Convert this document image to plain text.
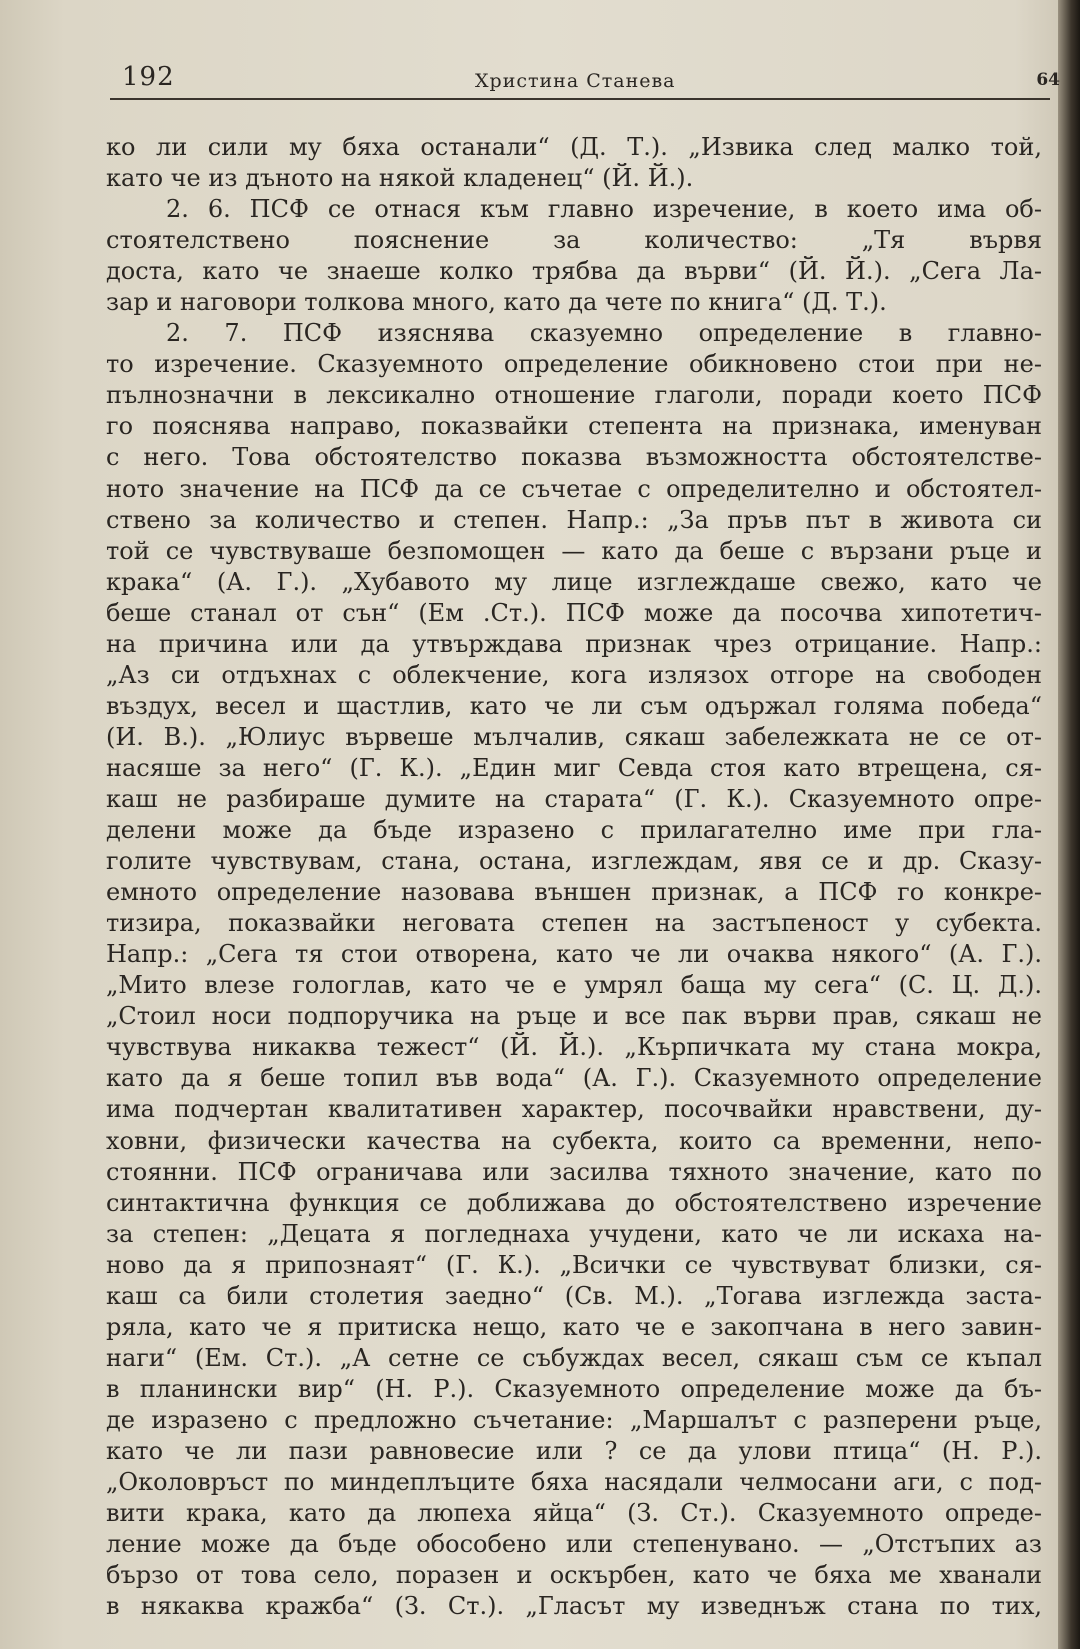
192	Христина Станева	64
ко ли сили му бяха останали“ (Д. Т.). „Извика след малко той,
като че из дъното на някой кладенец“ (Й. Й.).
2. 6. ПСФ се отнася към главно изречение, в което има об-
стоятелствено пояснение за количество: „Тя вървя
доста, като че знаеше колко трябва да върви“ (Й. Й.). „Сега Ла-
зар и наговори толкова много, като да чете по книга“ (Д. Т.).
2. 7. ПСФ изяснява сказуемно определение в главно-
то изречение. Сказуемното определение обикновено стои при не-
пълнозначни в лексикално отношение глаголи, поради което ПСФ
го пояснява направо, показвайки степента на признака, именуван
с него. Това обстоятелство показва възможността обстоятелстве-
ното значение на ПСФ да се съчетае с определително и обстоятел-
ствено за количество и степен. Напр.: „За пръв път в живота си
той се чувствуваше безпомощен — като да беше с вързани ръце и
крака“ (А. Г.). „Хубавото му лице изглеждаше свежо, като че
беше станал от сън“ (Ем .Ст.). ПСФ може да посочва хипотетич-
на причина или да утвърждава признак чрез отрицание. Напр.:
„Аз си отдъхнах с облекчение, кога излязох отгоре на свободен
въздух, весел и щастлив, като че ли съм одържал голяма победа“
(И. В.). „Юлиус вървеше мълчалив, сякаш забележката не се от-
насяше за него“ (Г. К.). „Един миг Севда стоя като втрещена, ся-
каш не разбираше думите на старата“ (Г. К.). Сказуемното опре-
делени може да бъде изразено с прилагателно име при гла-
голите чувствувам, стана, остана, изглеждам, явя се и др. Сказу-
емното определение назовава външен признак, а ПСФ го конкре-
тизира, показвайки неговата степен на застъпеност у субекта.
Напр.: „Сега тя стои отворена, като че ли очаква някого“ (А. Г.).
„Мито влезе гологлав, като че е умрял баща му сега“ (С. Ц. Д.).
„Стоил носи подпоручика на ръце и все пак върви прав, сякаш не
чувствува никаква тежест“ (Й. Й.). „Кърпичката му стана мокра,
като да я беше топил във вода“ (А. Г.). Сказуемното определение
има подчертан квалитативен характер, посочвайки нравствени, ду-
ховни, физически качества на субекта, които са временни, непо-
стоянни. ПСФ ограничава или засилва тяхното значение, като по
синтактична функция се доближава до обстоятелствено изречение
за степен: „Децата я погледнаха учудени, като че ли искаха на-
ново да я припознаят“ (Г. К.). „Всички се чувствуват близки, ся-
каш са били столетия заедно“ (Св. М.). „Тогава изглежда заста-
ряла, като че я притиска нещо, като че е закопчана в него завин-
наги“ (Ем. Ст.). „А сетне се събуждах весел, сякаш съм се къпал
в планински вир“ (Н. Р.). Сказуемното определение може да бъ-
де изразено с предложно съчетание: „Маршалът с разперени ръце,
като че ли пази равновесие или ? се да улови птица“ (Н. Р.).
„Околовръст по миндеплъците бяха насядали челмосани аги, с под-
вити крака, като да люпеха яйца“ (З. Ст.). Сказуемното опреде-
ление може да бъде обособено или степенувано. — „Отстъпих аз
бързо от това село, поразен и оскърбен, като че бяха ме хванали
в някаква кражба“ (З. Ст.). „Гласът му изведнъж стана по тих,
